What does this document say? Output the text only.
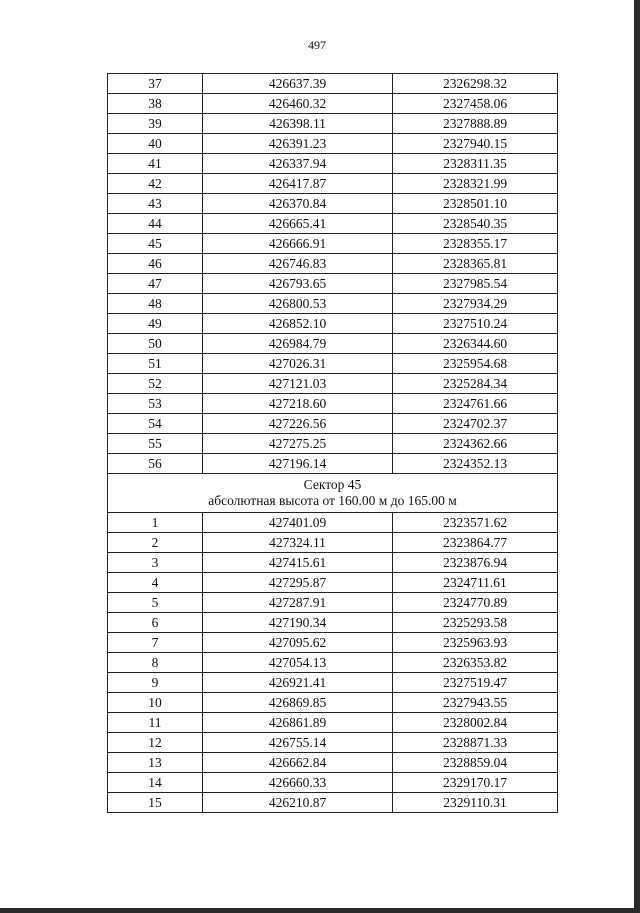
497
37	426637.39	2326298.32
38	426460.32	2327458.06
39	426398.11	2327888.89
40	426391.23	2327940.15
41	426337.94	2328311.35
42	426417.87	2328321.99
43	426370.84	2328501.10
44	426665.41	2328540.35
45	426666.91	2328355.17
46	426746.83	2328365.81
47	426793.65	2327985.54
48	426800.53	2327934.29
49	426852.10	2327510.24
50	426984.79	2326344.60
51	427026.31	2325954.68
52	427121.03	2325284.34
53	427218.60	2324761.66
54	427226.56	2324702.37
55	427275.25	2324362.66
56	427196.14	2324352.13

Сектор 45
абсолютная высота от 160.00 м до 165.00 м		

1	427401.09	2323571.62
2	427324.11	2323864.77
3	427415.61	2323876.94
4	427295.87	2324711.61
5	427287.91	2324770.89
6	427190.34	2325293.58
7	427095.62	2325963.93
8	427054.13	2326353.82
9	426921.41	2327519.47
10	426869.85	2327943.55
11	426861.89	2328002.84
12	426755.14	2328871.33
13	426662.84	2328859.04
14	426660.33	2329170.17
15	426210.87	2329110.31
